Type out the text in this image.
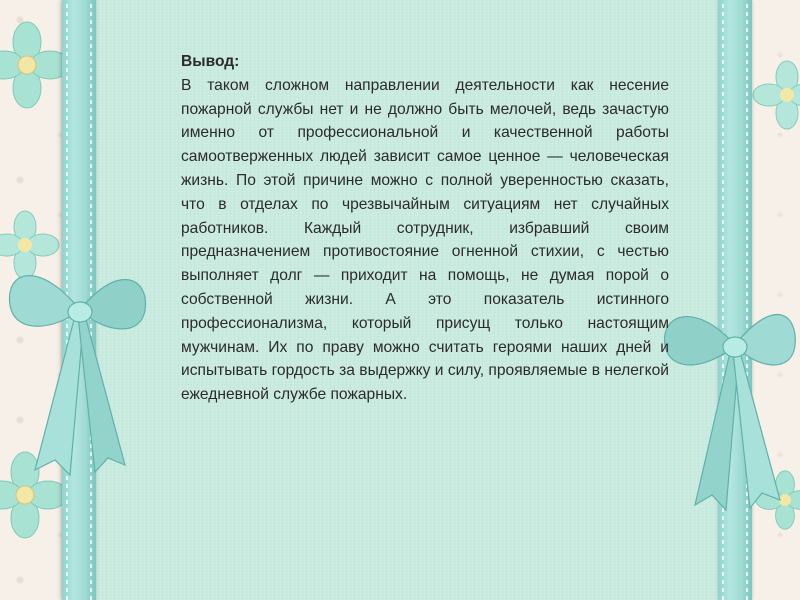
Вывод:

В таком сложном направлении деятельности как несение пожарной службы нет и не должно быть мелочей, ведь зачастую именно от профессиональной и качественной работы самоотверженных людей зависит самое ценное — человеческая жизнь. По этой причине можно с полной уверенностью сказать, что в отделах по чрезвычайным ситуациям нет случайных работников. Каждый сотрудник, избравший своим предназначением противостояние огненной стихии, с честью выполняет долг — приходит на помощь, не думая порой о собственной жизни. А это показатель истинного профессионализма, который присущ только настоящим мужчинам. Их по праву можно считать героями наших дней и испытывать гордость за выдержку и силу, проявляемые в нелегкой ежедневной службе пожарных.
